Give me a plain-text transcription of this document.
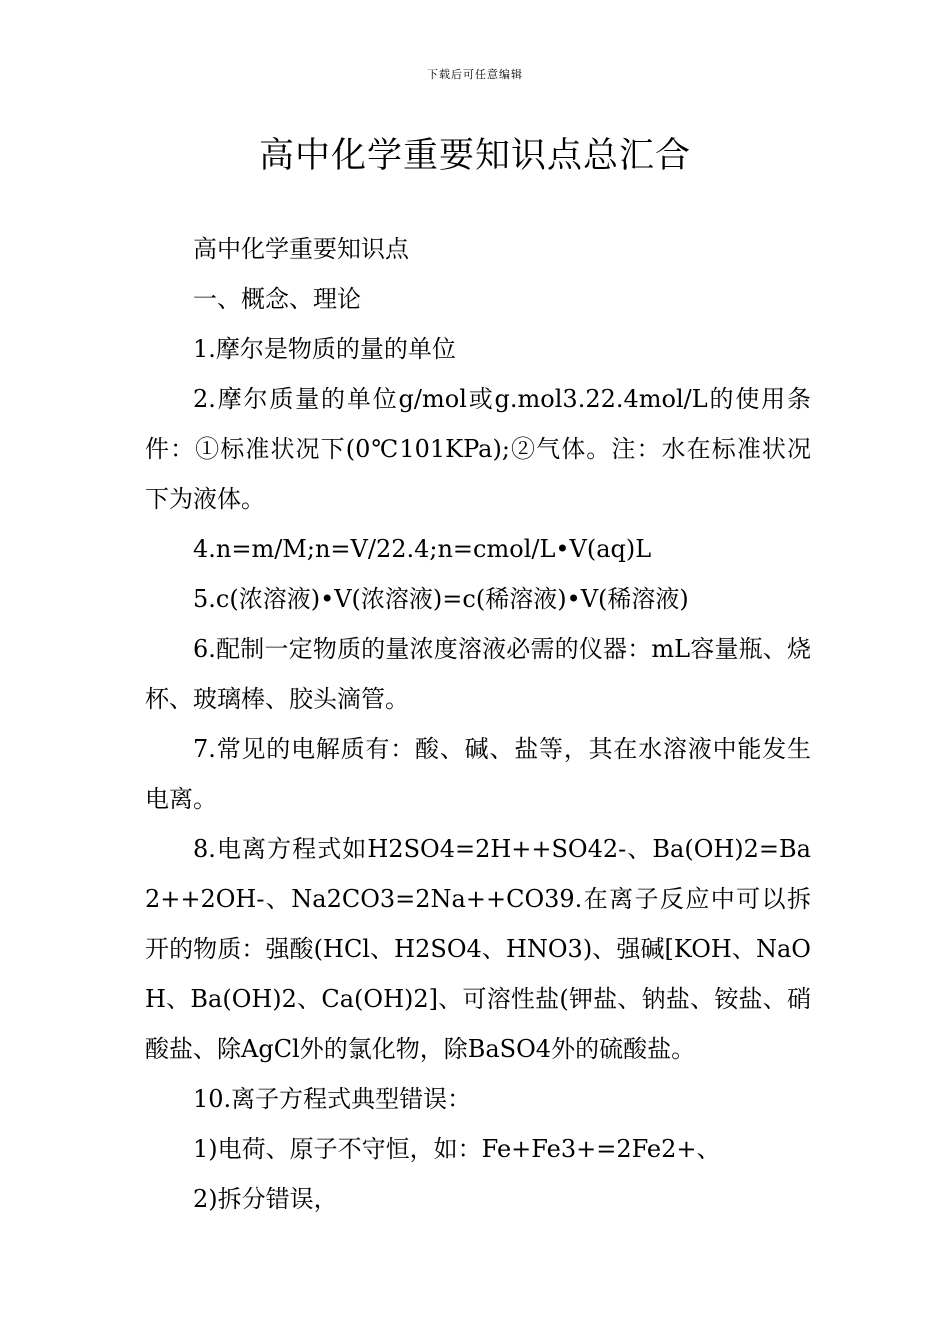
下载后可任意编辑
高中化学重要知识点总汇合

高中化学重要知识点

一、概念、理论

1.摩尔是物质的量的单位

2.摩尔质量的单位g/mol或g.mol3.22.4mol/L的使用条件：①标准状况下(0℃101KPa);②气体。注：水在标准状况下为液体。

4.n=m/M;n=V/22.4;n=cmol/L•V(aq)L

5.c(浓溶液)•V(浓溶液)=c(稀溶液)•V(稀溶液)

6.配制一定物质的量浓度溶液必需的仪器：mL容量瓶、烧杯、玻璃棒、胶头滴管。

7.常见的电解质有：酸、碱、盐等，其在水溶液中能发生电离。

8.电离方程式如H2SO4=2H++SO42-、Ba(OH)2=Ba2++2OH-、Na2CO3=2Na++CO39.在离子反应中可以拆开的物质：强酸(HCl、H2SO4、HNO3)、强碱[KOH、NaOH、Ba(OH)2、Ca(OH)2]、可溶性盐(钾盐、钠盐、铵盐、硝酸盐、除AgCl外的氯化物，除BaSO4外的硫酸盐。

10.离子方程式典型错误：

1)电荷、原子不守恒，如：Fe+Fe3+=2Fe2+、

2)拆分错误，
